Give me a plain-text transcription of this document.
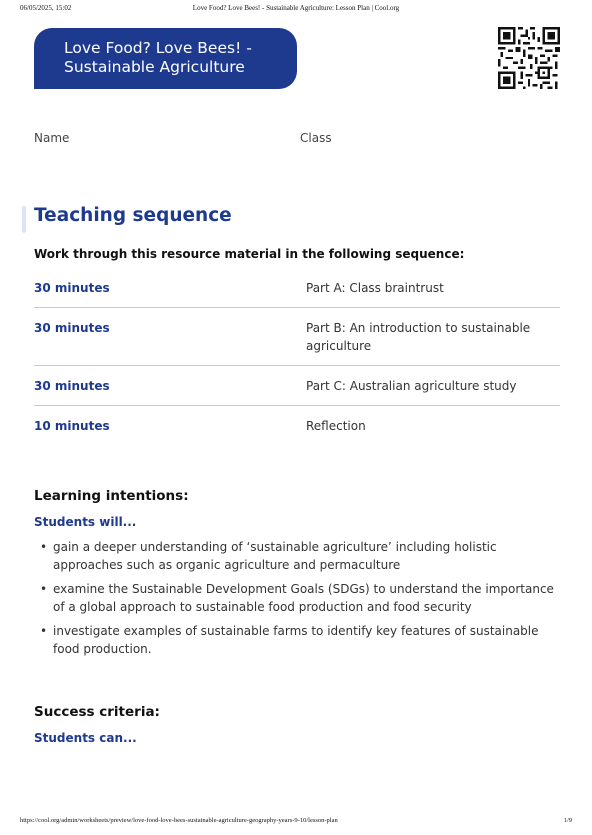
06/05/2025, 15:02	Love Food? Love Bees! - Sustainable Agriculture: Lesson Plan | Cool.org
Love Food? Love Bees! -
Sustainable Agriculture
Name	Class
Teaching sequence
Work through this resource material in the following sequence:
30 minutes	Part A: Class braintrust
30 minutes	Part B: An introduction to sustainable agriculture
30 minutes	Part C: Australian agriculture study
10 minutes	Reflection
Learning intentions:
Students will...
• gain a deeper understanding of ‘sustainable agriculture’ including holistic approaches such as organic agriculture and permaculture
• examine the Sustainable Development Goals (SDGs) to understand the importance of a global approach to sustainable food production and food security
• investigate examples of sustainable farms to identify key features of sustainable food production.
Success criteria:
Students can...
https://cool.org/admin/worksheets/preview/love-food-love-bees-sustainable-agriculture-geography-years-9-10/lesson-plan	1/9
